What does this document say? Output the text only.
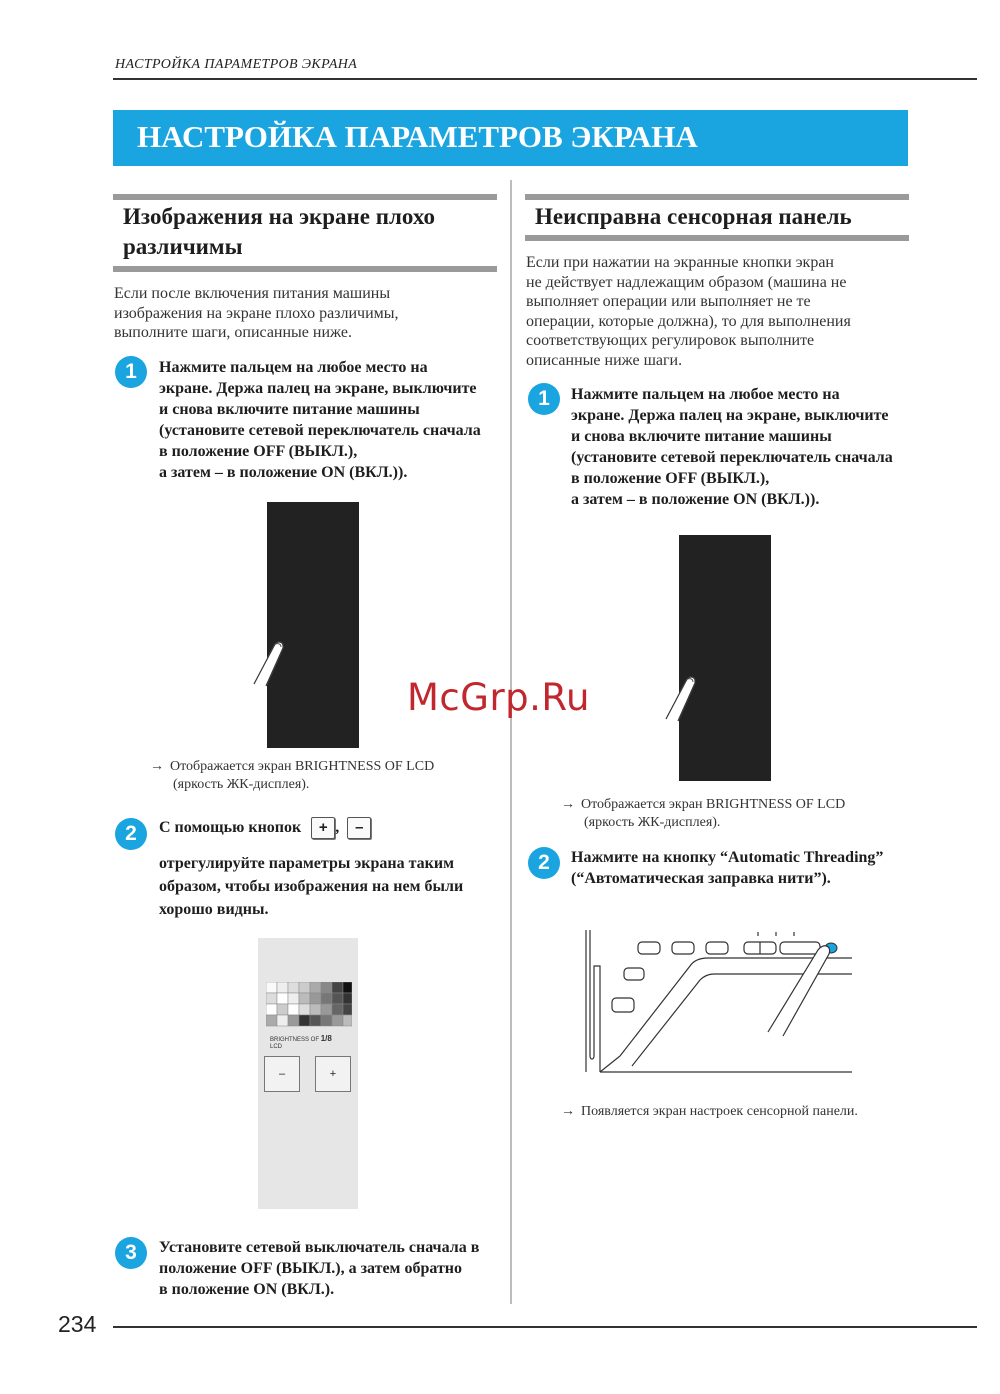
НАСТРОЙКА ПАРАМЕТРОВ ЭКРАНА
НАСТРОЙКА ПАРАМЕТРОВ ЭКРАНА
Изображения на экране плохо
различимы
Если после включения питания машины
изображения на экране плохо различимы,
выполните шаги, описанные ниже.
1	Нажмите пальцем на любое место на
экране. Держа палец на экране, выключите
и снова включите питание машины
(установите сетевой переключатель сначала
в положение OFF (ВЫКЛ.),
а затем – в положение ON (ВКЛ.)).
→ Отображается экран BRIGHTNESS OF LCD
(яркость ЖК-дисплея).
2	С помощью кнопок + , –
отрегулируйте параметры экрана таким
образом, чтобы изображения на нем были
хорошо видны.
BRIGHTNESS OF 1/8
LCD
–	+
3	Установите сетевой выключатель сначала в
положение OFF (ВЫКЛ.), а затем обратно
в положение ON (ВКЛ.).
Неисправна сенсорная панель
Если при нажатии на экранные кнопки экран
не действует надлежащим образом (машина не
выполняет операции или выполняет не те
операции, которые должна), то для выполнения
соответствующих регулировок выполните
описанные ниже шаги.
1	Нажмите пальцем на любое место на
экране. Держа палец на экране, выключите
и снова включите питание машины
(установите сетевой переключатель сначала
в положение OFF (ВЫКЛ.),
а затем – в положение ON (ВКЛ.)).
→ Отображается экран BRIGHTNESS OF LCD
(яркость ЖК-дисплея).
2	Нажмите на кнопку “Automatic Threading”
(“Автоматическая заправка нити”).
→ Появляется экран настроек сенсорной панели.
McGrp.Ru
234
